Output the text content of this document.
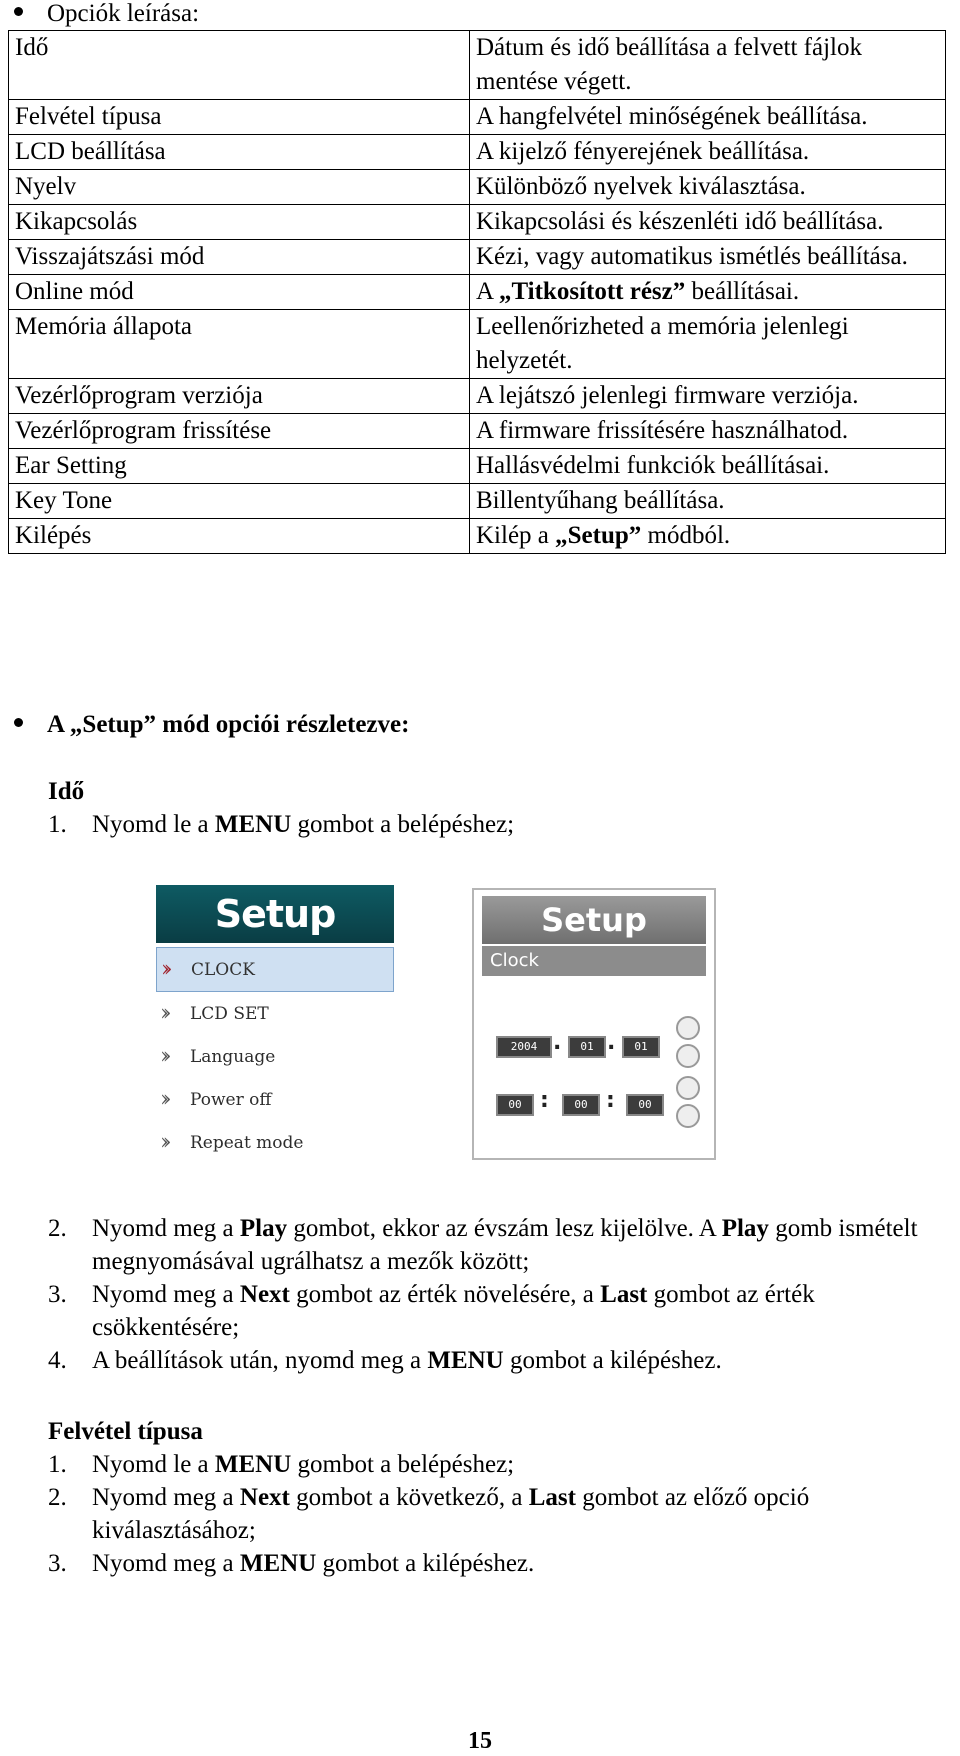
Opciók leírása:
Idő	Dátum és idő beállítása a felvett fájlok mentése végett.
Felvétel típusa	A hangfelvétel minőségének beállítása.
LCD beállítása	A kijelző fényerejének beállítása.
Nyelv	Különböző nyelvek kiválasztása.
Kikapcsolás	Kikapcsolási és készenléti idő beállítása.
Visszajátszási mód	Kézi, vagy automatikus ismétlés beállítása.
Online mód	A „Titkosított rész” beállításai.
Memória állapota	Leellenőrizheted a memória jelenlegi helyzetét.
Vezérlőprogram verziója	A lejátszó jelenlegi firmware verziója.
Vezérlőprogram frissítése	A firmware frissítésére használhatod.
Ear Setting	Hallásvédelmi funkciók beállításai.
Key Tone	Billentyűhang beállítása.
Kilépés	Kilép a „Setup” módból.
A „Setup” mód opciói részletezve:
Idő
1.	Nyomd le a MENU gombot a belépéshez;
Setup
››	CLOCK
››	LCD SET
››	Language
››	Power off
››	Repeat mode
Setup
Clock
2004 .	01 .	01
00 :	00 :	00
2.	Nyomd meg a Play gombot, ekkor az évszám lesz kijelölve. A Play gomb ismételt megnyomásával ugrálhatsz a mezők között;
3.	Nyomd meg a Next gombot az érték növelésére, a Last gombot az érték csökkentésére;
4.	A beállítások után, nyomd meg a MENU gombot a kilépéshez.
Felvétel típusa
1.	Nyomd le a MENU gombot a belépéshez;
2.	Nyomd meg a Next gombot a következő, a Last gombot az előző opció kiválasztásához;
3.	Nyomd meg a MENU gombot a kilépéshez.
15
